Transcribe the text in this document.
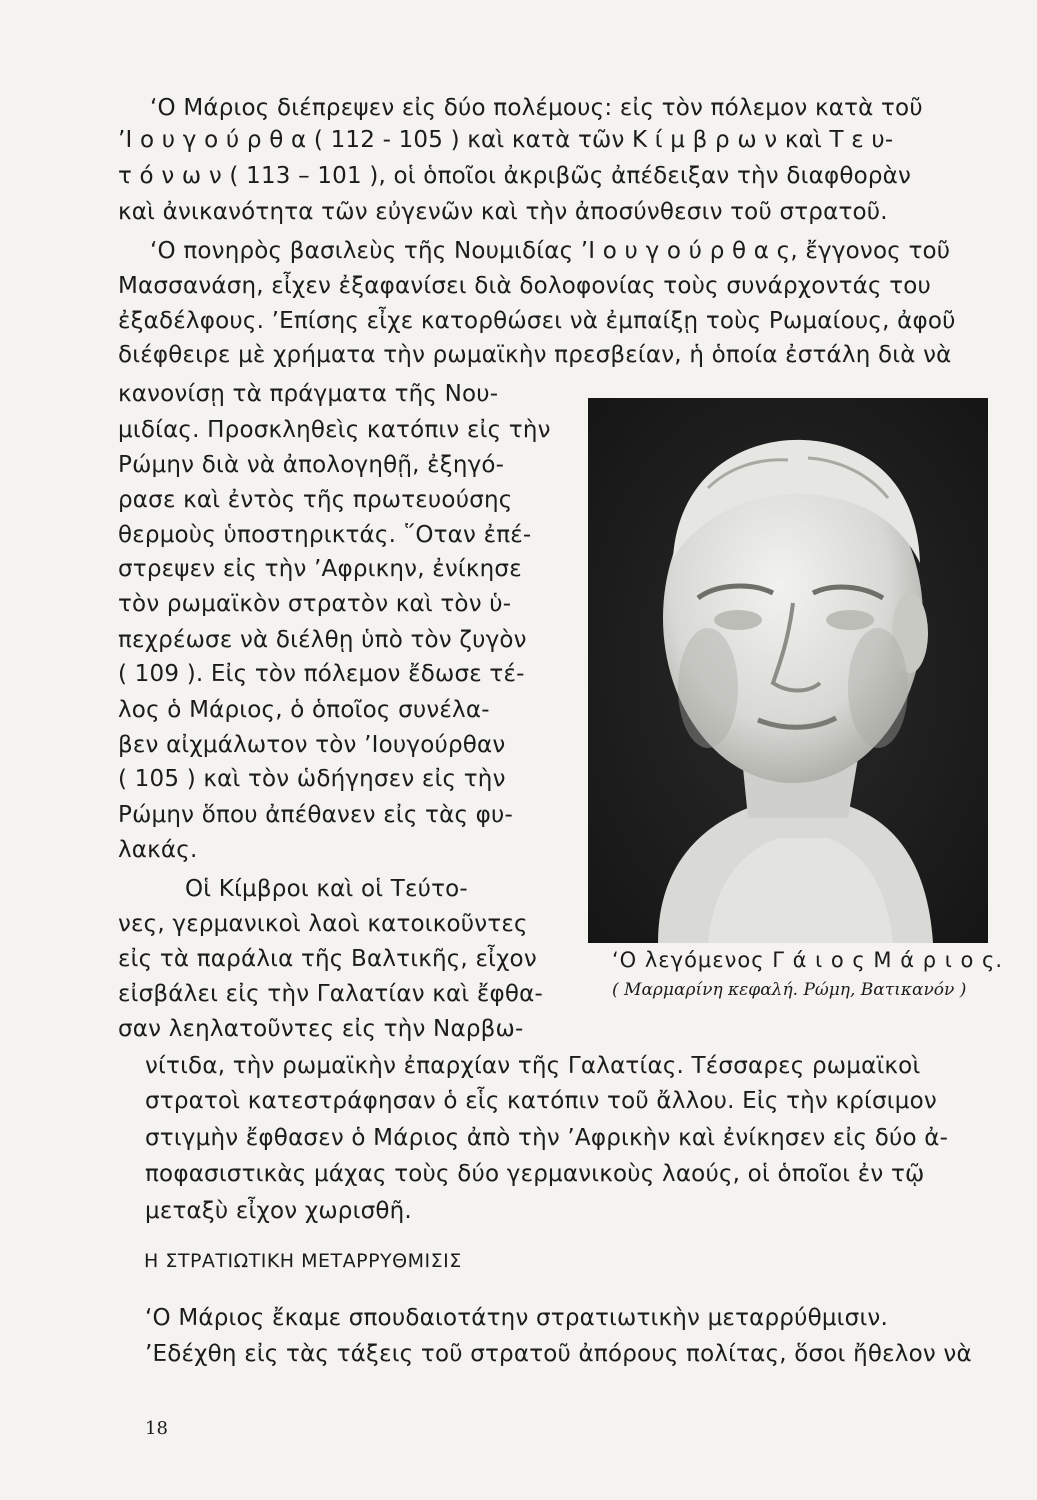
‘Ο Μάριος διέπρεψεν εἰς δύο πολέμους: εἰς τὸν πόλεμον κατὰ τοῦ
’Ι ο υ γ ο ύ ρ θ α ( 112 - 105 ) καὶ κατὰ τῶν Κ ί μ β ρ ω ν καὶ Τ ε υ-
τ ό ν ω ν ( 113 – 101 ), οἱ ὁποῖοι ἀκριβῶς ἀπέδειξαν τὴν διαφθορὰν
καὶ ἀνικανότητα τῶν εὐγενῶν καὶ τὴν ἀποσύνθεσιν τοῦ στρατοῦ.
‘Ο πονηρὸς βασιλεὺς τῆς Νουμιδίας ’Ι ο υ γ ο ύ ρ θ α ς, ἔγγονος τοῦ
Μασσανάση, εἶχεν ἐξαφανίσει διὰ δολοφονίας τοὺς συνάρχοντάς του
ἐξαδέλφους. ’Επίσης εἶχε κατορθώσει νὰ ἐμπαίξῃ τοὺς Ρωμαίους, ἀφοῦ
διέφθειρε μὲ χρήματα τὴν ρωμαϊκὴν πρεσβείαν, ἡ ὁποία ἐστάλη διὰ νὰ
κανονίσῃ τὰ πράγματα τῆς Νου-
μιδίας. Προσκληθεὶς κατόπιν εἰς τὴν
Ρώμην διὰ νὰ ἀπολογηθῇ, ἐξηγό-
ρασε καὶ ἐντὸς τῆς πρωτευούσης
θερμοὺς ὑποστηρικτάς. ῞Οταν ἐπέ-
στρεψεν εἰς τὴν ’Αφρικην, ἐνίκησε
τὸν ρωμαϊκὸν στρατὸν καὶ τὸν ὑ-
πεχρέωσε νὰ διέλθῃ ὑπὸ τὸν ζυγὸν
( 109 ). Εἰς τὸν πόλεμον ἔδωσε τέ-
λος ὁ Μάριος, ὁ ὁποῖος συνέλα-
βεν αἰχμάλωτον τὸν ’Ιουγούρθαν
( 105 ) καὶ τὸν ὡδήγησεν εἰς τὴν
Ρώμην ὅπου ἀπέθανεν εἰς τὰς φυ-
λακάς.
Οἱ Κίμβροι καὶ οἱ Τεύτο-
νες, γερμανικοὶ λαοὶ κατοικοῦντες
εἰς τὰ παράλια τῆς Βαλτικῆς, εἶχον
εἰσβάλει εἰς τὴν Γαλατίαν καὶ ἔφθα-
σαν λεηλατοῦντες εἰς τὴν Ναρβω-
νίτιδα, τὴν ρωμαϊκὴν ἐπαρχίαν τῆς Γαλατίας. Τέσσαρες ρωμαϊκοὶ
στρατοὶ κατεστράφησαν ὁ εἷς κατόπιν τοῦ ἄλλου. Εἰς τὴν κρίσιμον
στιγμὴν ἔφθασεν ὁ Μάριος ἀπὸ τὴν ’Αφρικὴν καὶ ἐνίκησεν εἰς δύο ἀ-
ποφασιστικὰς μάχας τοὺς δύο γερμανικοὺς λαούς, οἱ ὁποῖοι ἐν τῷ
μεταξὺ εἶχον χωρισθῆ.
‘Ο λεγόμενος Γ ά ι ο ς Μ ά ρ ι ο ς.
( Μαρμαρίνη κεφαλή. Ρώμη, Βατικανόν )
Η ΣΤΡΑΤΙΩΤΙΚΗ ΜΕΤΑΡΡΥΘΜΙΣΙΣ
‘Ο Μάριος ἔκαμε σπουδαιοτάτην στρατιωτικὴν μεταρρύθμισιν.
’Εδέχθη εἰς τὰς τάξεις τοῦ στρατοῦ ἀπόρους πολίτας, ὅσοι ἤθελον νὰ
18
